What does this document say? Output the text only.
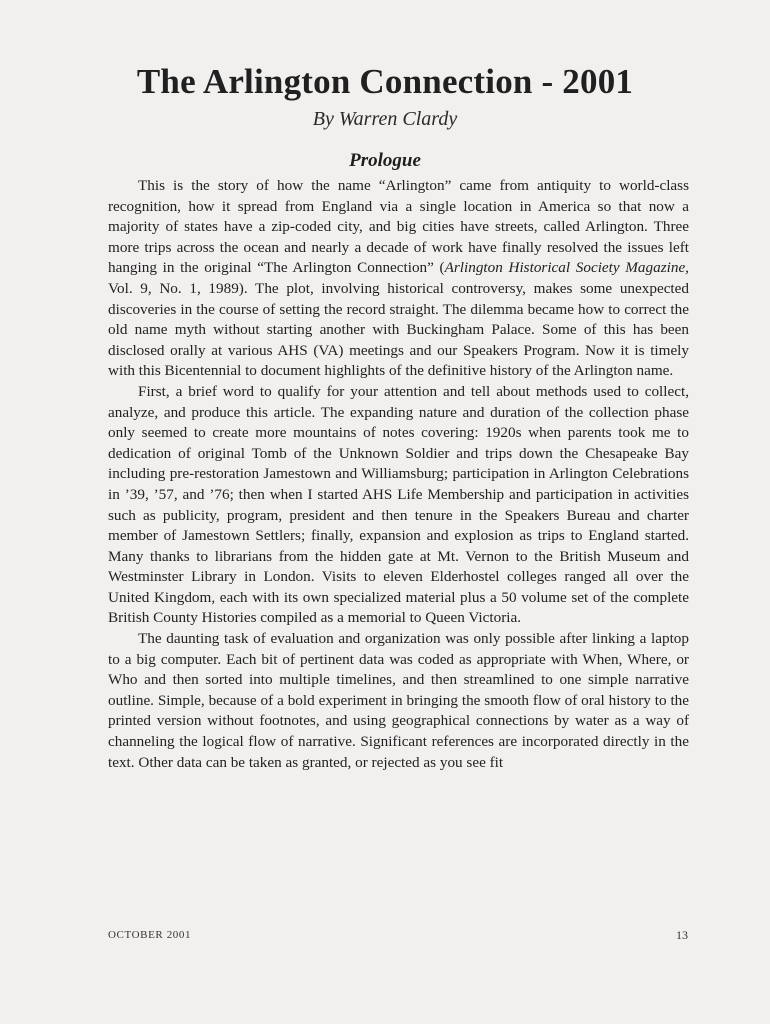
The Arlington Connection - 2001
By Warren Clardy
Prologue

This is the story of how the name “Arlington” came from antiquity to world-class recognition, how it spread from England via a single location in America so that now a majority of states have a zip-coded city, and big cities have streets, called Arlington. Three more trips across the ocean and nearly a decade of work have finally resolved the issues left hanging in the original “The Arlington Connection” (Arlington Historical Society Magazine, Vol. 9, No. 1, 1989). The plot, involving historical controversy, makes some unexpected discoveries in the course of setting the record straight. The dilemma became how to correct the old name myth without starting another with Buckingham Palace. Some of this has been disclosed orally at various AHS (VA) meetings and our Speakers Program. Now it is timely with this Bicentennial to document highlights of the definitive history of the Arlington name.

First, a brief word to qualify for your attention and tell about methods used to collect, analyze, and produce this article. The expanding nature and duration of the collection phase only seemed to create more mountains of notes covering: 1920s when parents took me to dedication of original Tomb of the Unknown Soldier and trips down the Chesapeake Bay including pre-restoration Jamestown and Williamsburg; participation in Arlington Celebrations in ’39, ’57, and ’76; then when I started AHS Life Membership and participation in activities such as publicity, program, president and then tenure in the Speakers Bureau and charter member of Jamestown Settlers; finally, expansion and explosion as trips to England started. Many thanks to librarians from the hidden gate at Mt. Vernon to the British Museum and Westminster Library in London. Visits to eleven Elderhostel colleges ranged all over the United Kingdom, each with its own specialized material plus a 50 volume set of the complete British County Histories compiled as a memorial to Queen Victoria.

The daunting task of evaluation and organization was only possible after linking a laptop to a big computer. Each bit of pertinent data was coded as appropriate with When, Where, or Who and then sorted into multiple timelines, and then streamlined to one simple narrative outline. Simple, because of a bold experiment in bringing the smooth flow of oral history to the printed version without footnotes, and using geographical connections by water as a way of channeling the logical flow of narrative. Significant references are incorporated directly in the text. Other data can be taken as granted, or rejected as you see fit

OCTOBER 2001	13
